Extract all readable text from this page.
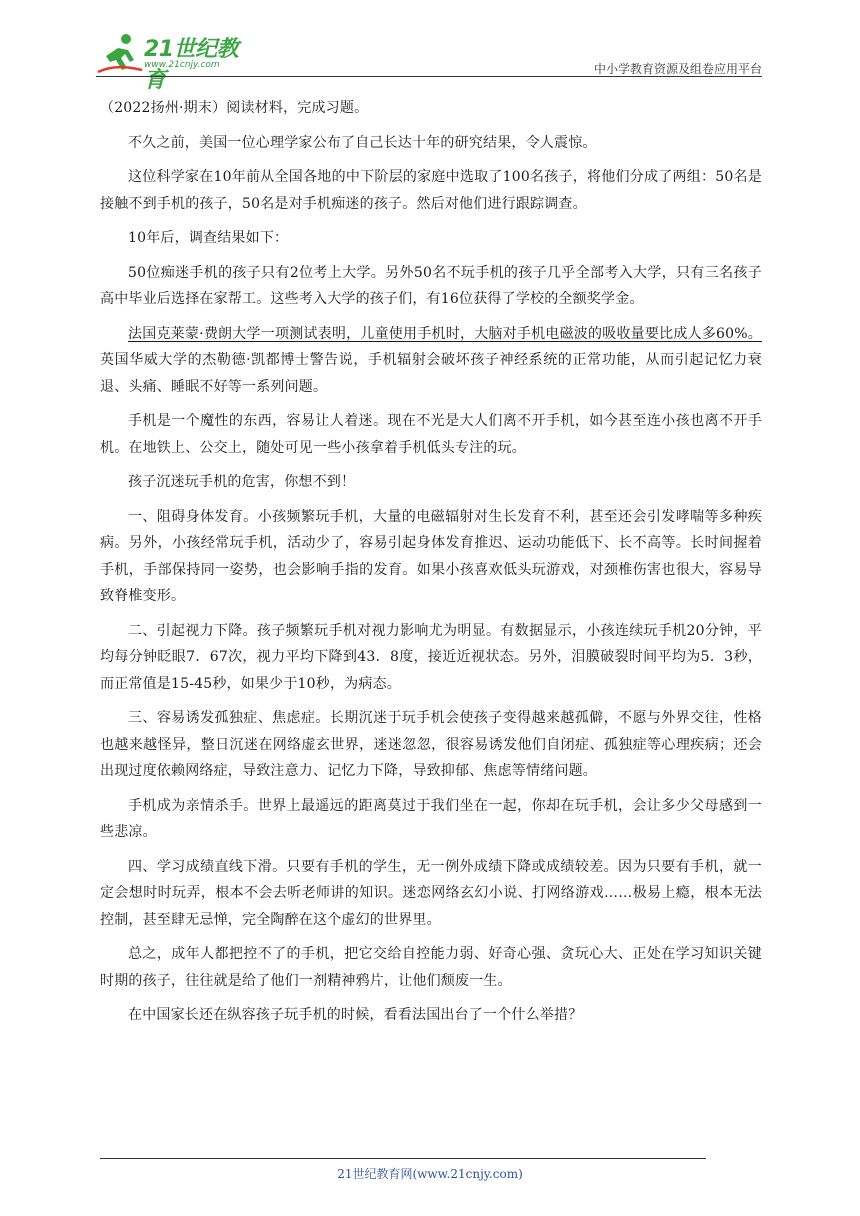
21世纪教育
www.21cnjy.com	中小学教育资源及组卷应用平台

（2022扬州·期末）阅读材料，完成习题。

不久之前，美国一位心理学家公布了自己长达十年的研究结果，令人震惊。

这位科学家在10年前从全国各地的中下阶层的家庭中选取了100名孩子，将他们分成了两组：50名是接触不到手机的孩子，50名是对手机痴迷的孩子。然后对他们进行跟踪调查。

10年后，调查结果如下：

50位痴迷手机的孩子只有2位考上大学。另外50名不玩手机的孩子几乎全部考入大学，只有三名孩子高中毕业后选择在家帮工。这些考入大学的孩子们，有16位获得了学校的全额奖学金。

法国克莱蒙·费朗大学一项测试表明，儿童使用手机时，大脑对手机电磁波的吸收量要比成人多60%。英国华威大学的杰勒德·凯都博士警告说，手机辐射会破坏孩子神经系统的正常功能，从而引起记忆力衰退、头痛、睡眠不好等一系列问题。

手机是一个魔性的东西，容易让人着迷。现在不光是大人们离不开手机，如今甚至连小孩也离不开手机。在地铁上、公交上，随处可见一些小孩拿着手机低头专注的玩。

孩子沉迷玩手机的危害，你想不到！

一、阻碍身体发育。小孩频繁玩手机，大量的电磁辐射对生长发育不利，甚至还会引发哮喘等多种疾病。另外，小孩经常玩手机，活动少了，容易引起身体发育推迟、运动功能低下、长不高等。长时间握着手机，手部保持同一姿势，也会影响手指的发育。如果小孩喜欢低头玩游戏，对颈椎伤害也很大，容易导致脊椎变形。

二、引起视力下降。孩子频繁玩手机对视力影响尤为明显。有数据显示，小孩连续玩手机20分钟，平均每分钟眨眼7．67次，视力平均下降到43．8度，接近近视状态。另外，泪膜破裂时间平均为5．3秒，而正常值是15-45秒，如果少于10秒，为病态。

三、容易诱发孤独症、焦虑症。长期沉迷于玩手机会使孩子变得越来越孤僻，不愿与外界交往，性格也越来越怪异，整日沉迷在网络虚玄世界，迷迷忽忽，很容易诱发他们自闭症、孤独症等心理疾病；还会出现过度依赖网络症，导致注意力、记忆力下降，导致抑郁、焦虑等情绪问题。

手机成为亲情杀手。世界上最遥远的距离莫过于我们坐在一起，你却在玩手机，会让多少父母感到一些悲凉。

四、学习成绩直线下滑。只要有手机的学生，无一例外成绩下降或成绩较差。因为只要有手机，就一定会想时时玩弄，根本不会去听老师讲的知识。迷恋网络玄幻小说、打网络游戏……极易上瘾，根本无法控制，甚至肆无忌惮，完全陶醉在这个虚幻的世界里。

总之，成年人都把控不了的手机，把它交给自控能力弱、好奇心强、贪玩心大、正处在学习知识关键时期的孩子，往往就是给了他们一剂精神鸦片，让他们颓废一生。

在中国家长还在纵容孩子玩手机的时候，看看法国出台了一个什么举措？

21世纪教育网(www.21cnjy.com)
